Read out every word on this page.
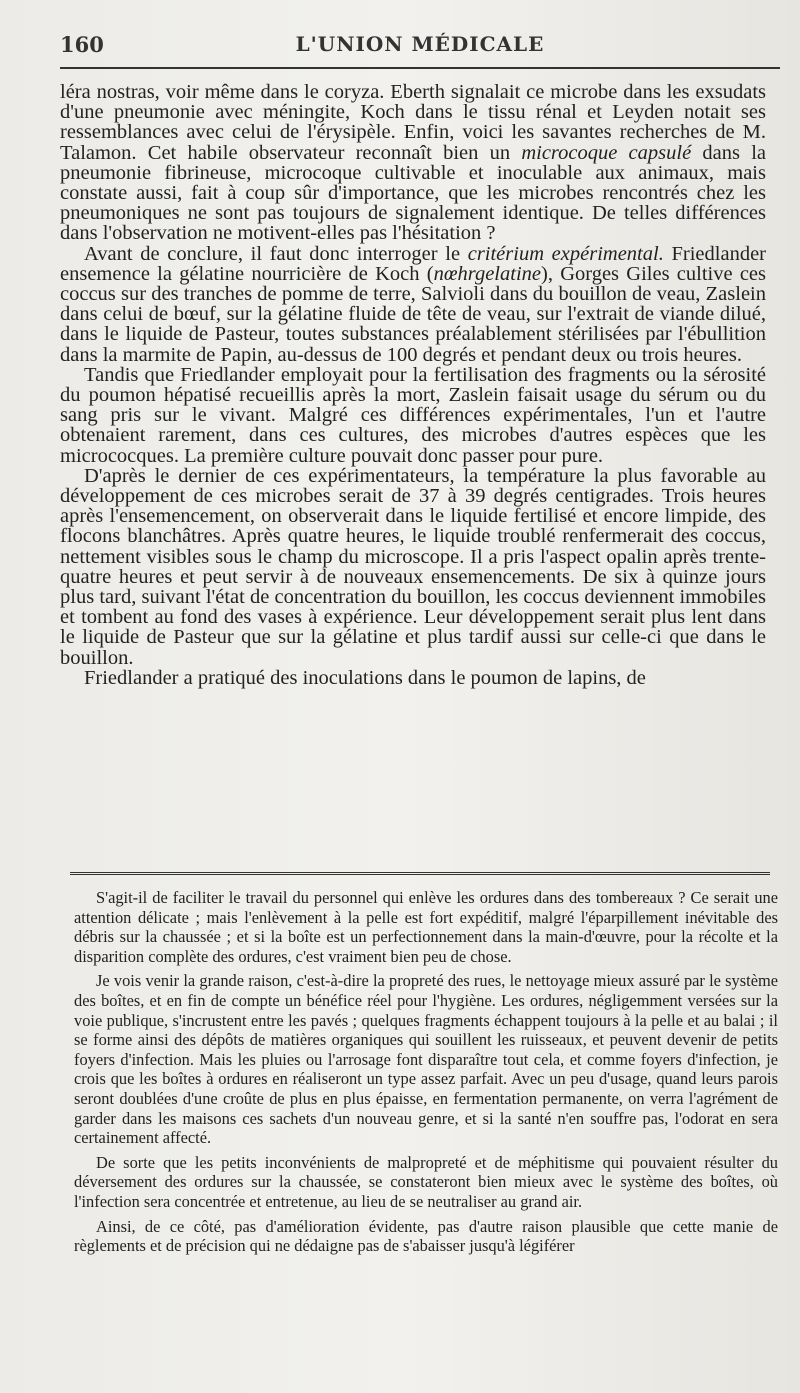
160	L'UNION MÉDICALE

léra nostras, voir même dans le coryza. Eberth signalait ce microbe dans les exsudats d'une pneumonie avec méningite, Koch dans le tissu rénal et Leyden notait ses ressemblances avec celui de l'érysipèle. Enfin, voici les savantes recherches de M. Talamon. Cet habile observateur reconnaît bien un microcoque capsulé dans la pneumonie fibrineuse, microcoque cultivable et inoculable aux animaux, mais constate aussi, fait à coup sûr d'importance, que les microbes rencontrés chez les pneumoniques ne sont pas toujours de signalement identique. De telles différences dans l'observation ne motivent-elles pas l'hésitation ?

Avant de conclure, il faut donc interroger le critérium expérimental. Friedlander ensemence la gélatine nourricière de Koch (nœhrgelatine), Gorges Giles cultive ces coccus sur des tranches de pomme de terre, Salvioli dans du bouillon de veau, Zaslein dans celui de bœuf, sur la gélatine fluide de tête de veau, sur l'extrait de viande dilué, dans le liquide de Pasteur, toutes substances préalablement stérilisées par l'ébullition dans la marmite de Papin, au-dessus de 100 degrés et pendant deux ou trois heures.

Tandis que Friedlander employait pour la fertilisation des fragments ou la sérosité du poumon hépatisé recueillis après la mort, Zaslein faisait usage du sérum ou du sang pris sur le vivant. Malgré ces différences expérimentales, l'un et l'autre obtenaient rarement, dans ces cultures, des microbes d'autres espèces que les micrococques. La première culture pouvait donc passer pour pure.

D'après le dernier de ces expérimentateurs, la température la plus favorable au développement de ces microbes serait de 37 à 39 degrés centigrades. Trois heures après l'ensemencement, on observerait dans le liquide fertilisé et encore limpide, des flocons blanchâtres. Après quatre heures, le liquide troublé renfermerait des coccus, nettement visibles sous le champ du microscope. Il a pris l'aspect opalin après trente-quatre heures et peut servir à de nouveaux ensemencements. De six à quinze jours plus tard, suivant l'état de concentration du bouillon, les coccus deviennent immobiles et tombent au fond des vases à expérience. Leur développement serait plus lent dans le liquide de Pasteur que sur la gélatine et plus tardif aussi sur celle-ci que dans le bouillon.

Friedlander a pratiqué des inoculations dans le poumon de lapins, de

S'agit-il de faciliter le travail du personnel qui enlève les ordures dans des tombereaux ? Ce serait une attention délicate ; mais l'enlèvement à la pelle est fort expéditif, malgré l'éparpillement inévitable des débris sur la chaussée ; et si la boîte est un perfectionnement dans la main-d'œuvre, pour la récolte et la disparition complète des ordures, c'est vraiment bien peu de chose.

Je vois venir la grande raison, c'est-à-dire la propreté des rues, le nettoyage mieux assuré par le système des boîtes, et en fin de compte un bénéfice réel pour l'hygiène. Les ordures, négligemment versées sur la voie publique, s'incrustent entre les pavés ; quelques fragments échappent toujours à la pelle et au balai ; il se forme ainsi des dépôts de matières organiques qui souillent les ruisseaux, et peuvent devenir de petits foyers d'infection. Mais les pluies ou l'arrosage font disparaître tout cela, et comme foyers d'infection, je crois que les boîtes à ordures en réaliseront un type assez parfait. Avec un peu d'usage, quand leurs parois seront doublées d'une croûte de plus en plus épaisse, en fermentation permanente, on verra l'agrément de garder dans les maisons ces sachets d'un nouveau genre, et si la santé n'en souffre pas, l'odorat en sera certainement affecté.

De sorte que les petits inconvénients de malpropreté et de méphitisme qui pouvaient résulter du déversement des ordures sur la chaussée, se constateront bien mieux avec le système des boîtes, où l'infection sera concentrée et entretenue, au lieu de se neutraliser au grand air.

Ainsi, de ce côté, pas d'amélioration évidente, pas d'autre raison plausible que cette manie de règlements et de précision qui ne dédaigne pas de s'abaisser jusqu'à légiférer
